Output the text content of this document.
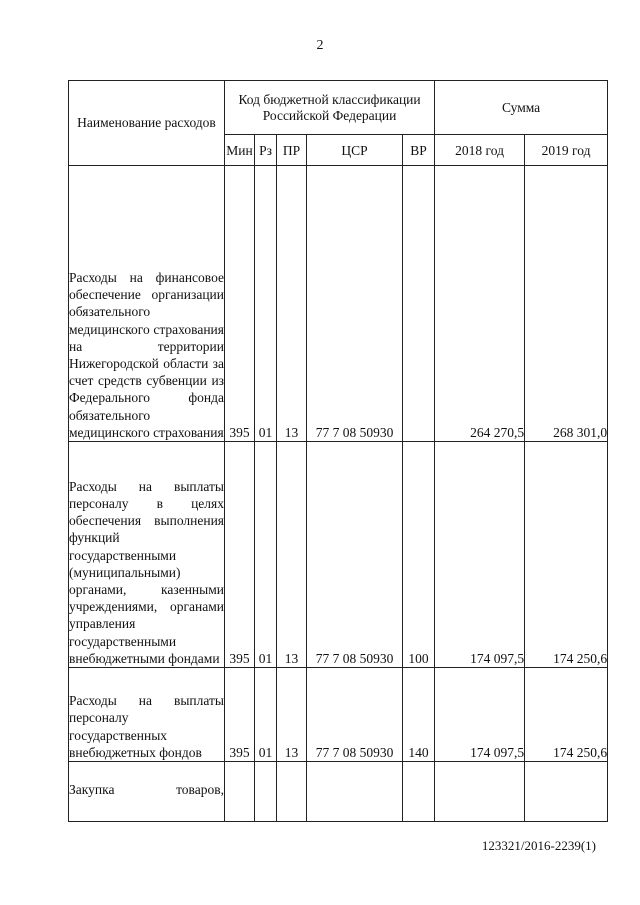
2
Наименование расходов	Код бюджетной классификации Российской Федерации					Сумма	
	Мин	Рз	ПР	ЦСР	ВР	2018 год	2019 год
Расходы на финансовое обеспечение организации обязательного медицинского страхования на территории Нижегородской области за счет средств субвенции из Федерального фонда обязательного медицинского страхования	395	01	13	77 7 08 50930		264 270,5	268 301,0
Расходы на выплаты персоналу в целях обеспечения выполнения функций государственными (муниципальными) органами, казенными учреждениями, органами управления государственными внебюджетными фондами	395	01	13	77 7 08 50930	100	174 097,5	174 250,6
Расходы на выплаты персоналу государственных внебюджетных фондов	395	01	13	77 7 08 50930	140	174 097,5	174 250,6
Закупка товаров,							
123321/2016-2239(1)
